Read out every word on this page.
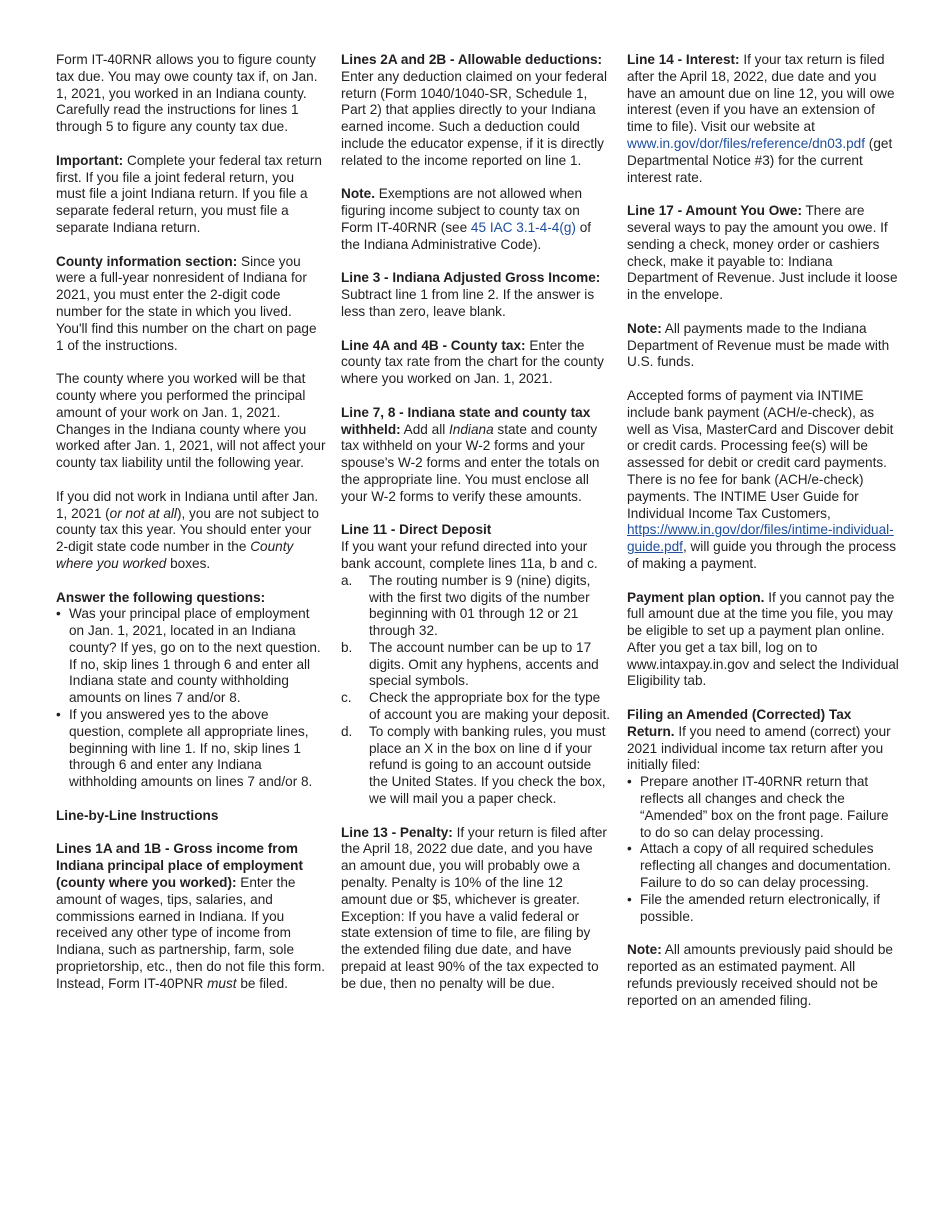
Form IT-40RNR allows you to figure county tax due. You may owe county tax if, on Jan. 1, 2021, you worked in an Indiana county. Carefully read the instructions for lines 1 through 5 to figure any county tax due.

Important: Complete your federal tax return first. If you file a joint federal return, you must file a joint Indiana return. If you file a separate federal return, you must file a separate Indiana return.

County information section: Since you were a full-year nonresident of Indiana for 2021, you must enter the 2-digit code number for the state in which you lived. You'll find this number on the chart on page 1 of the instructions.

The county where you worked will be that county where you performed the principal amount of your work on Jan. 1, 2021. Changes in the Indiana county where you worked after Jan. 1, 2021, will not affect your county tax liability until the following year.

If you did not work in Indiana until after Jan. 1, 2021 (or not at all), you are not subject to county tax this year. You should enter your 2-digit state code number in the County where you worked boxes.

Answer the following questions:
• Was your principal place of employment on Jan. 1, 2021, located in an Indiana county? If yes, go on to the next question. If no, skip lines 1 through 6 and enter all Indiana state and county withholding amounts on lines 7 and/or 8.
• If you answered yes to the above question, complete all appropriate lines, beginning with line 1. If no, skip lines 1 through 6 and enter any Indiana withholding amounts on lines 7 and/or 8.

Line-by-Line Instructions

Lines 1A and 1B - Gross income from Indiana principal place of employment (county where you worked): Enter the amount of wages, tips, salaries, and commissions earned in Indiana. If you received any other type of income from Indiana, such as partnership, farm, sole proprietorship, etc., then do not file this form. Instead, Form IT-40PNR must be filed.

Lines 2A and 2B - Allowable deductions: Enter any deduction claimed on your federal return (Form 1040/1040-SR, Schedule 1, Part 2) that applies directly to your Indiana earned income. Such a deduction could include the educator expense, if it is directly related to the income reported on line 1.

Note. Exemptions are not allowed when figuring income subject to county tax on Form IT-40RNR (see 45 IAC 3.1-4-4(g) of the Indiana Administrative Code).

Line 3 - Indiana Adjusted Gross Income: Subtract line 1 from line 2. If the answer is less than zero, leave blank.

Line 4A and 4B - County tax: Enter the county tax rate from the chart for the county where you worked on Jan. 1, 2021.

Line 7, 8 - Indiana state and county tax withheld: Add all Indiana state and county tax withheld on your W-2 forms and your spouse's W-2 forms and enter the totals on the appropriate line. You must enclose all your W-2 forms to verify these amounts.

Line 11 - Direct Deposit
If you want your refund directed into your bank account, complete lines 11a, b and c.
a. The routing number is 9 (nine) digits, with the first two digits of the number beginning with 01 through 12 or 21 through 32.
b. The account number can be up to 17 digits. Omit any hyphens, accents and special symbols.
c. Check the appropriate box for the type of account you are making your deposit.
d. To comply with banking rules, you must place an X in the box on line d if your refund is going to an account outside the United States. If you check the box, we will mail you a paper check.

Line 13 - Penalty: If your return is filed after the April 18, 2022 due date, and you have an amount due, you will probably owe a penalty. Penalty is 10% of the line 12 amount due or $5, whichever is greater. Exception: If you have a valid federal or state extension of time to file, are filing by the extended filing due date, and have prepaid at least 90% of the tax expected to be due, then no penalty will be due.

Line 14 - Interest: If your tax return is filed after the April 18, 2022, due date and you have an amount due on line 12, you will owe interest (even if you have an extension of time to file). Visit our website at www.in.gov/dor/files/reference/dn03.pdf (get Departmental Notice #3) for the current interest rate.

Line 17 - Amount You Owe: There are several ways to pay the amount you owe. If sending a check, money order or cashiers check, make it payable to: Indiana Department of Revenue. Just include it loose in the envelope.

Note: All payments made to the Indiana Department of Revenue must be made with U.S. funds.

Accepted forms of payment via INTIME include bank payment (ACH/e-check), as well as Visa, MasterCard and Discover debit or credit cards. Processing fee(s) will be assessed for debit or credit card payments. There is no fee for bank (ACH/e-check) payments. The INTIME User Guide for Individual Income Tax Customers, https://www.in.gov/dor/files/intime-individual-guide.pdf, will guide you through the process of making a payment.

Payment plan option. If you cannot pay the full amount due at the time you file, you may be eligible to set up a payment plan online. After you get a tax bill, log on to www.intaxpay.in.gov and select the Individual Eligibility tab.

Filing an Amended (Corrected) Tax Return. If you need to amend (correct) your 2021 individual income tax return after you initially filed:
• Prepare another IT-40RNR return that reflects all changes and check the “Amended” box on the front page. Failure to do so can delay processing.
• Attach a copy of all required schedules reflecting all changes and documentation. Failure to do so can delay processing.
• File the amended return electronically, if possible.

Note: All amounts previously paid should be reported as an estimated payment. All refunds previously received should not be reported on an amended filing.
